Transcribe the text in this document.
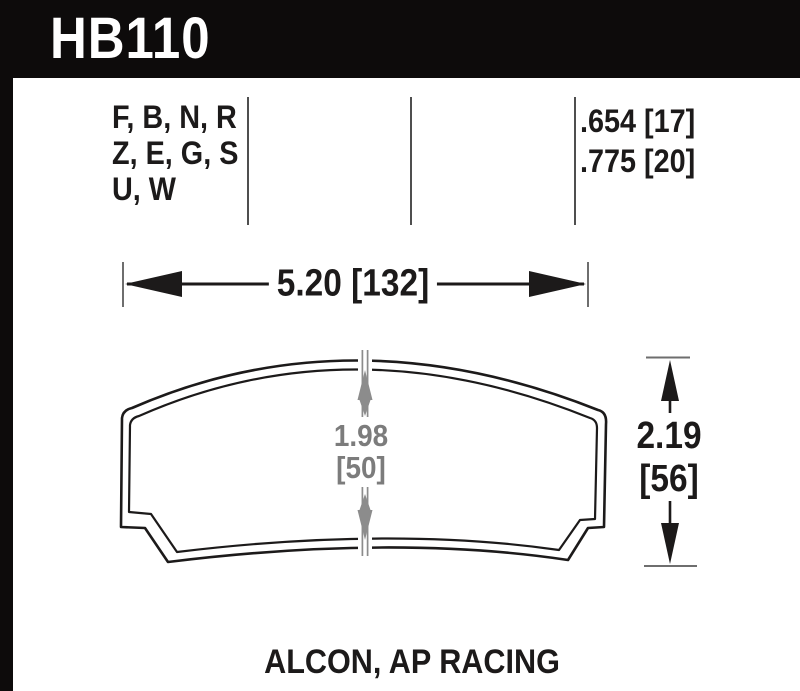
HB110
F, B, N, R
Z, E, G, S
U, W
.654 [17]
.775 [20]
5.20 [132]
1.98
[50]
2.19
[56]
ALCON, AP RACING
